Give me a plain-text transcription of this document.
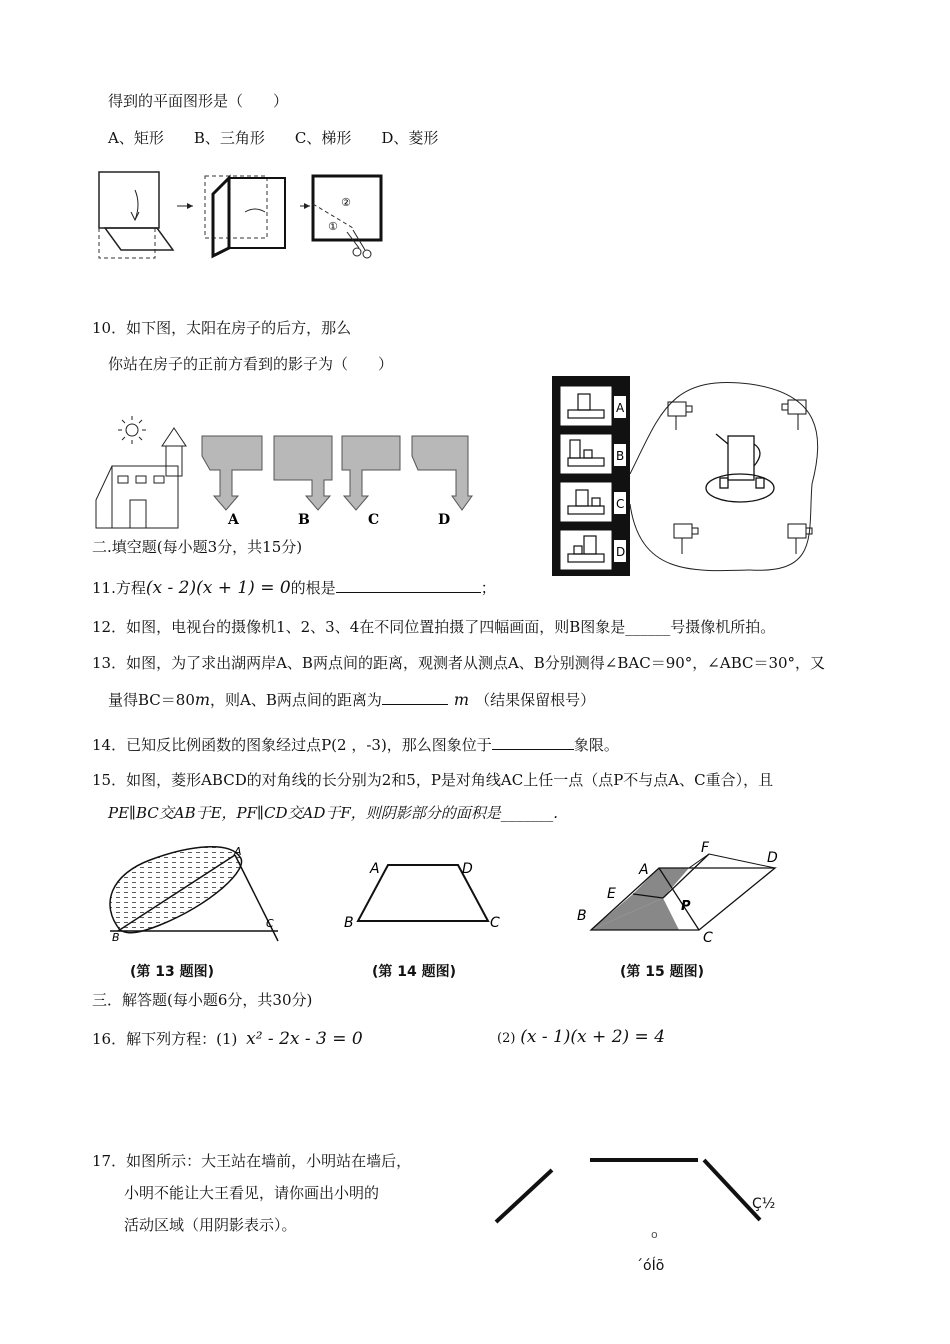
得到的平面图形是（　　）
A、矩形　　B、三角形　　C、梯形　　D、菱形
①
②
10．如下图，太阳在房子的后方，那么
你站在房子的正前方看到的影子为（　　）
A	B	C	D
A
B
C
D
二.填空题(每小题3分，共15分)
11.方程(x - 2)(x + 1) = 0的根是	；
12．如图，电视台的摄像机1、2、3、4在不同位置拍摄了四幅画面，则B图象是______号摄像机所拍。
13．如图，为了求出湖两岸A、B两点间的距离，观测者从测点A、B分别测得∠BAC＝90°，∠ABC＝30°，又
量得BC＝80m，则A、B两点间的距离为	m （结果保留根号）
14．已知反比例函数的图象经过点P(2 ，-3)，那么图象位于	象限。
15．如图，菱形ABCD的对角线的长分别为2和5，P是对角线AC上任一点（点P不与点A、C重合），且
PE∥BC交AB于E，PF∥CD交AD于F，则阴影部分的面积是_______.
A
B
C
(第 13 题图)
A	D
B	C
(第 14 题图)
A
F
D
E
P
B
C
(第 15 题图)
三．解答题(每小题6分，共30分)
16．解下列方程：(1) x² - 2x - 3 = 0	(2) (x - 1)(x + 2) = 4
17．如图所示：大王站在墙前，小明站在墙后，
小明不能让大王看见，请你画出小明的
活动区域（用阴影表示）。
Ç½
o
´óÍõ
